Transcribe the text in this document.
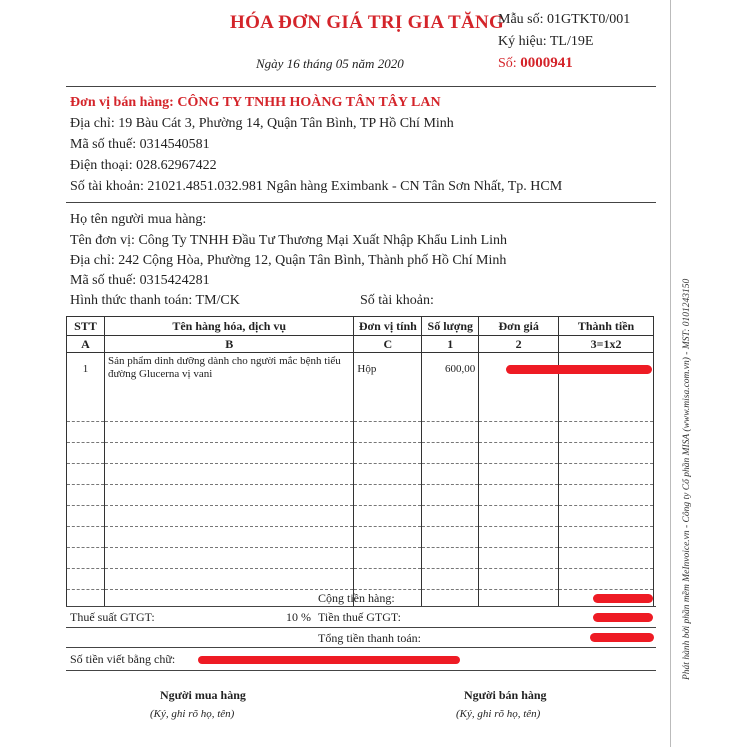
HÓA ĐƠN GIÁ TRỊ GIA TĂNG
Ngày 16 tháng 05 năm 2020
Mẫu số: 01GTKT0/001
Ký hiệu: TL/19E
Số: 0000941
Đơn vị bán hàng: CÔNG TY TNHH HOÀNG TÂN TÂY LAN
Địa chỉ: 19 Bàu Cát 3, Phường 14, Quận Tân Bình, TP Hồ Chí Minh
Mã số thuế: 0314540581
Điện thoại: 028.62967422
Số tài khoản: 21021.4851.032.981 Ngân hàng Eximbank - CN Tân Sơn Nhất, Tp. HCM
Họ tên người mua hàng:
Tên đơn vị: Công Ty TNHH Đầu Tư Thương Mại Xuất Nhập Khẩu Linh Linh
Địa chỉ: 242 Cộng Hòa, Phường 12, Quận Tân Bình, Thành phố Hồ Chí Minh
Mã số thuế: 0315424281
Hình thức thanh toán: TM/CK	Số tài khoản:
STT	Tên hàng hóa, dịch vụ	Đơn vị tính	Số lượng	Đơn giá	Thành tiền
A	B	C	1	2	3=1x2
1	Sản phẩm dinh dưỡng dành cho người mắc bệnh tiểu đường Glucerna vị vani	Hộp	600,00		

Cộng tiền hàng:
Thuế suất GTGT:	10 % Tiền thuế GTGT:
Tổng tiền thanh toán:
Số tiền viết bằng chữ:
Người mua hàng
(Ký, ghi rõ họ, tên)
Người bán hàng
(Ký, ghi rõ họ, tên)
Phát hành bởi phần mềm MeInvoice.vn - Công ty Cổ phần MISA (www.misa.com.vn) - MST: 0101243150
